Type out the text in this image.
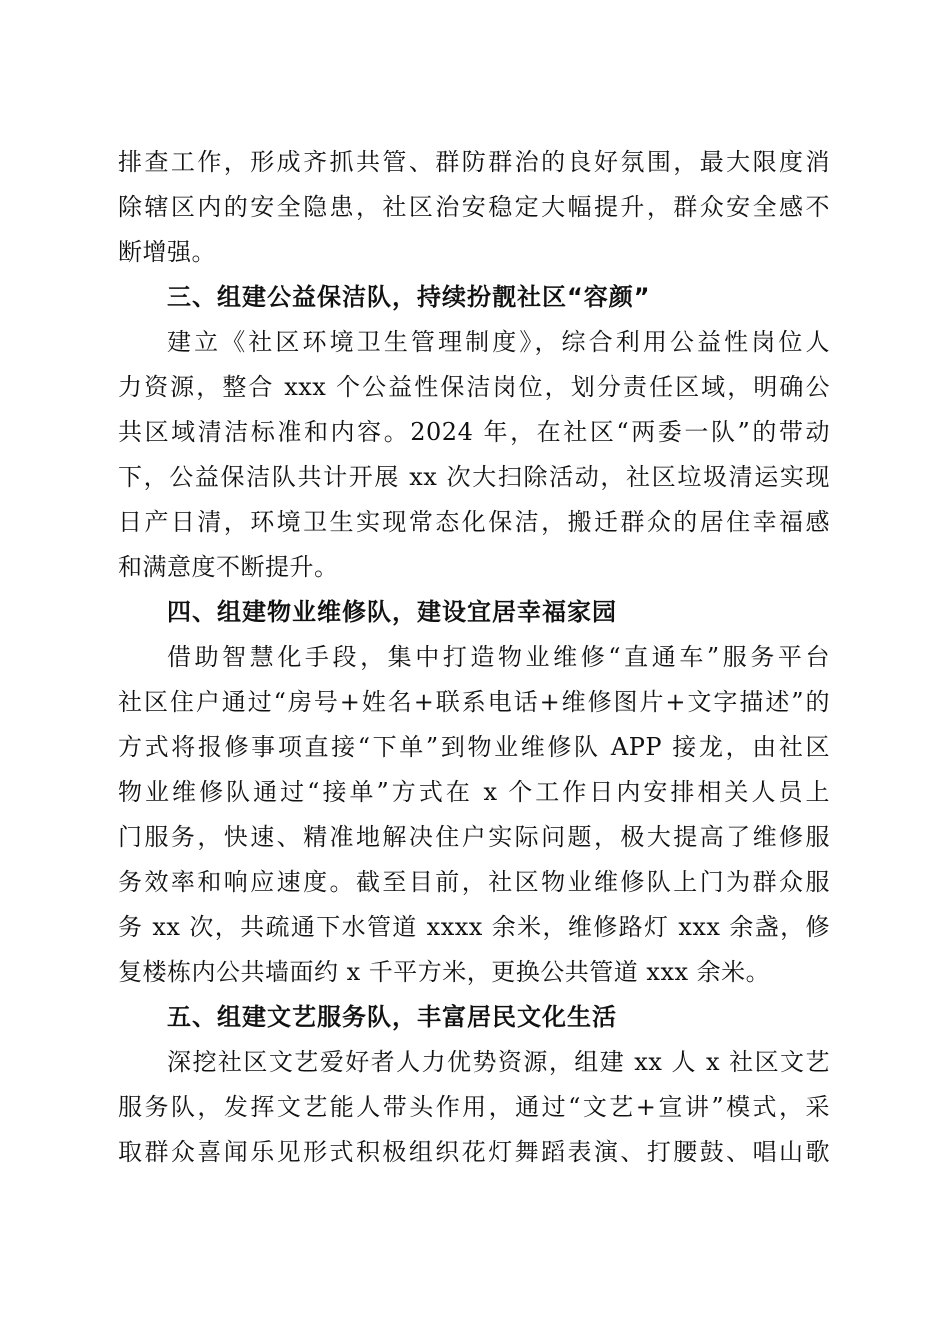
排查工作，形成齐抓共管、群防群治的良好氛围，最大限度消
除辖区内的安全隐患，社区治安稳定大幅提升，群众安全感不
断增强。
三、组建公益保洁队，持续扮靓社区“容颜”
建立《社区环境卫生管理制度》，综合利用公益性岗位人
力资源，整合 xxx 个公益性保洁岗位，划分责任区域，明确公
共区域清洁标准和内容。2024 年，在社区“两委一队”的带动
下，公益保洁队共计开展 xx 次大扫除活动，社区垃圾清运实现
日产日清，环境卫生实现常态化保洁，搬迁群众的居住幸福感
和满意度不断提升。
四、组建物业维修队，建设宜居幸福家园
借助智慧化手段，集中打造物业维修“直通车”服务平台
社区住户通过“房号+姓名+联系电话+维修图片+文字描述”的
方式将报修事项直接“下单”到物业维修队 APP 接龙，由社区
物业维修队通过“接单”方式在 x 个工作日内安排相关人员上
门服务，快速、精准地解决住户实际问题，极大提高了维修服
务效率和响应速度。截至目前，社区物业维修队上门为群众服
务 xx 次，共疏通下水管道 xxxx 余米，维修路灯 xxx 余盏，修
复楼栋内公共墙面约 x 千平方米，更换公共管道 xxx 余米。
五、组建文艺服务队，丰富居民文化生活
深挖社区文艺爱好者人力优势资源，组建 xx 人 x 社区文艺
服务队，发挥文艺能人带头作用，通过“文艺+宣讲”模式，采
取群众喜闻乐见形式积极组织花灯舞蹈表演、打腰鼓、唱山歌
